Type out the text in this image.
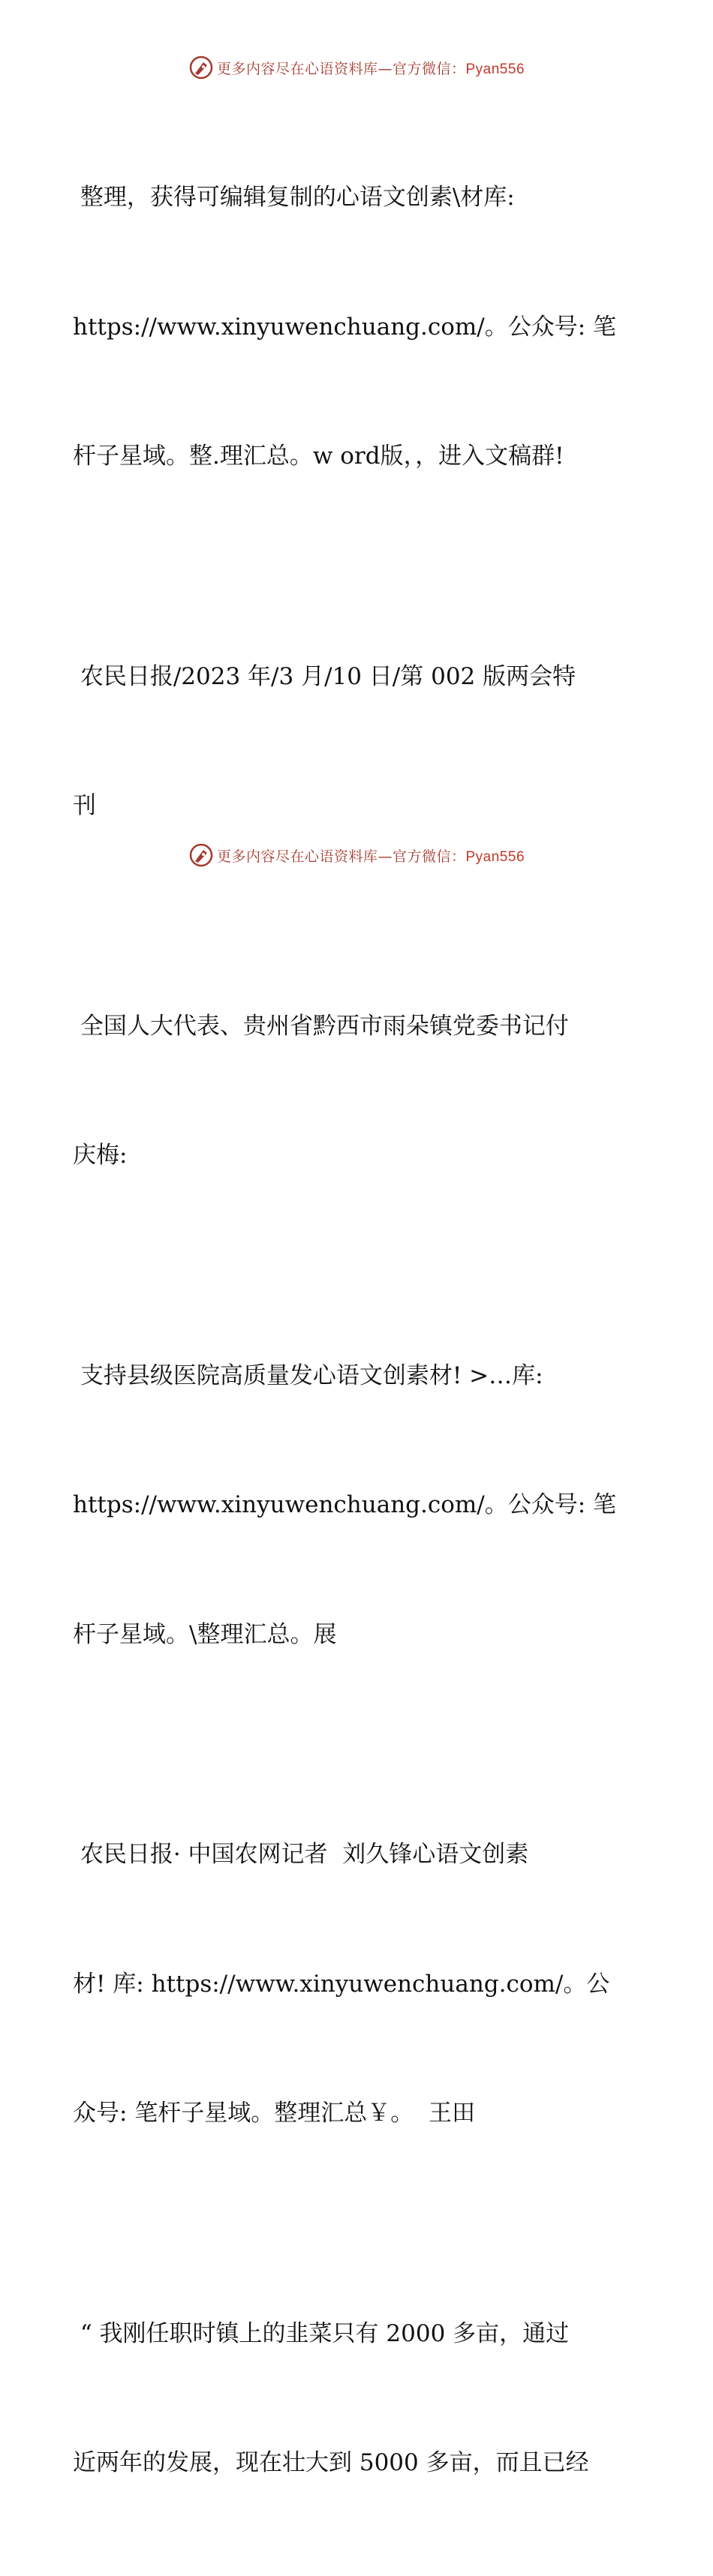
更多内容尽在心语资料库—官方微信：Pyan556

整理，获得可编辑复制的心语文创素\材库:

https://www.xinyuwenchuang.com/。公众号: 笔

杆子星域。整.理汇总。w ord版，，进入文稿群!

农民日报/2023 年/3 月/10 日/第 002 版两会特

刊

全国人大代表、贵州省黔西市雨朵镇党委书记付

庆梅:

支持县级医院高质量发心语文创素材! >…库:

https://www.xinyuwenchuang.com/。公众号: 笔

杆子星域。\整理汇总。展

农民日报· 中国农网记者  刘久锋心语文创素

材! 库: https://www.xinyuwenchuang.com/。公

众号: 笔杆子星域。整理汇总￥。  王田

“ 我刚任职时镇上的韭菜只有 2000 多亩，通过

近两年的发展，现在壮大到 5000 多亩，而且已经

更多内容尽在心语资料库—官方微信：Pyan556
